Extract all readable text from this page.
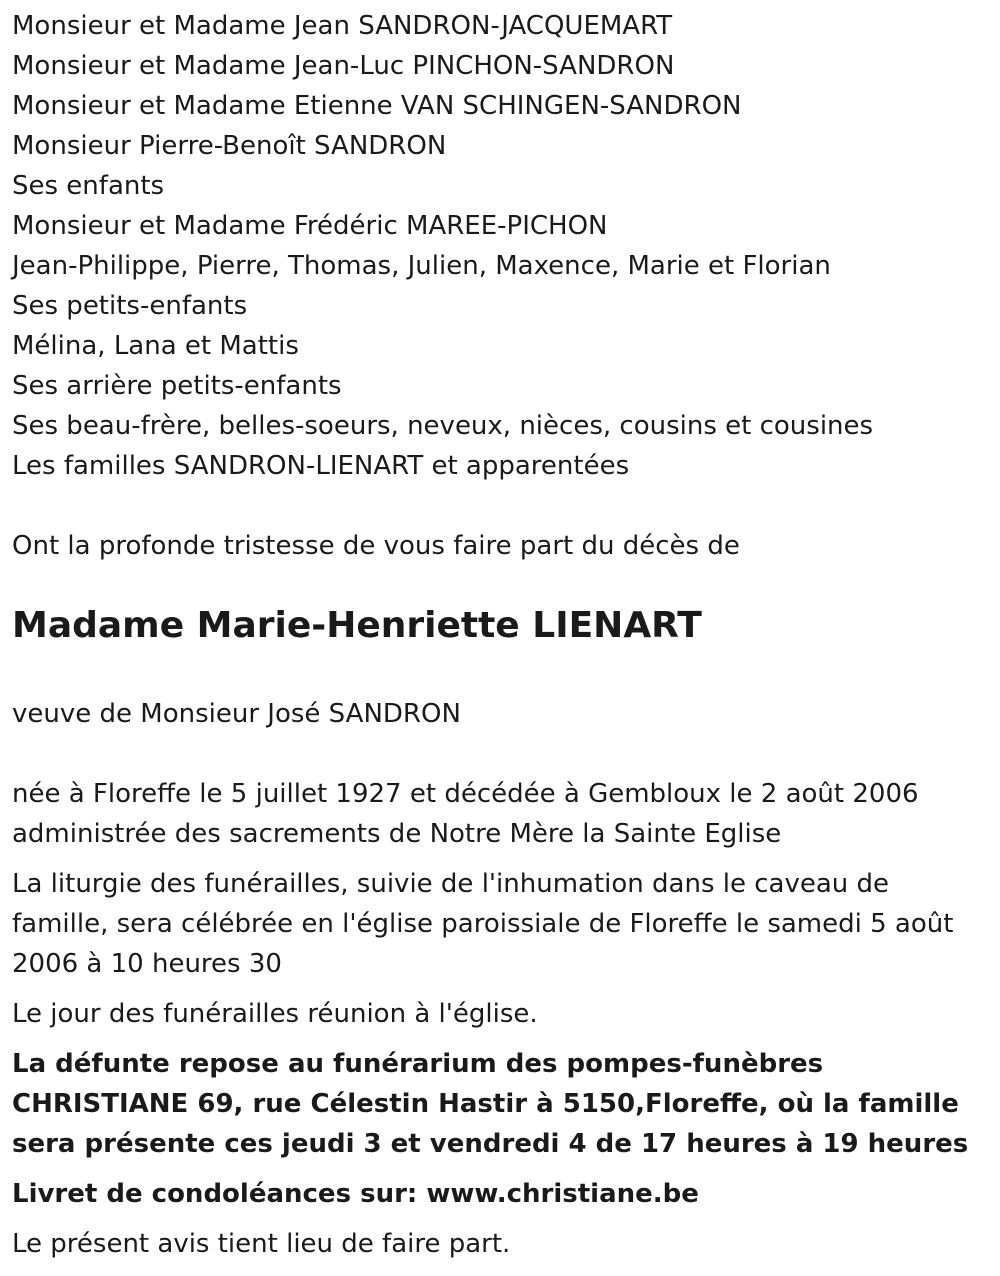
Monsieur et Madame Jean SANDRON-JACQUEMART
Monsieur et Madame Jean-Luc PINCHON-SANDRON
Monsieur et Madame Etienne VAN SCHINGEN-SANDRON
Monsieur Pierre-Benoît SANDRON
Ses enfants
Monsieur et Madame Frédéric MAREE-PICHON
Jean-Philippe, Pierre, Thomas, Julien, Maxence, Marie et Florian
Ses petits-enfants
Mélina, Lana et Mattis
Ses arrière petits-enfants
Ses beau-frère, belles-soeurs, neveux, nièces, cousins et cousines
Les familles SANDRON-LIENART et apparentées

Ont la profonde tristesse de vous faire part du décès de

Madame Marie-Henriette LIENART

veuve de Monsieur José SANDRON

née à Floreffe le 5 juillet 1927 et décédée à Gembloux le 2 août 2006

administrée des sacrements de Notre Mère la Sainte Eglise

La liturgie des funérailles, suivie de l'inhumation dans le caveau de famille, sera célébrée en l'église paroissiale de Floreffe le samedi 5 août 2006 à 10 heures 30

Le jour des funérailles réunion à l'église.

La défunte repose au funérarium des pompes-funèbres CHRISTIANE 69, rue Célestin Hastir à 5150,Floreffe, où la famille sera présente ces jeudi 3 et vendredi 4 de 17 heures à 19 heures

Livret de condoléances sur: www.christiane.be

Le présent avis tient lieu de faire part.
